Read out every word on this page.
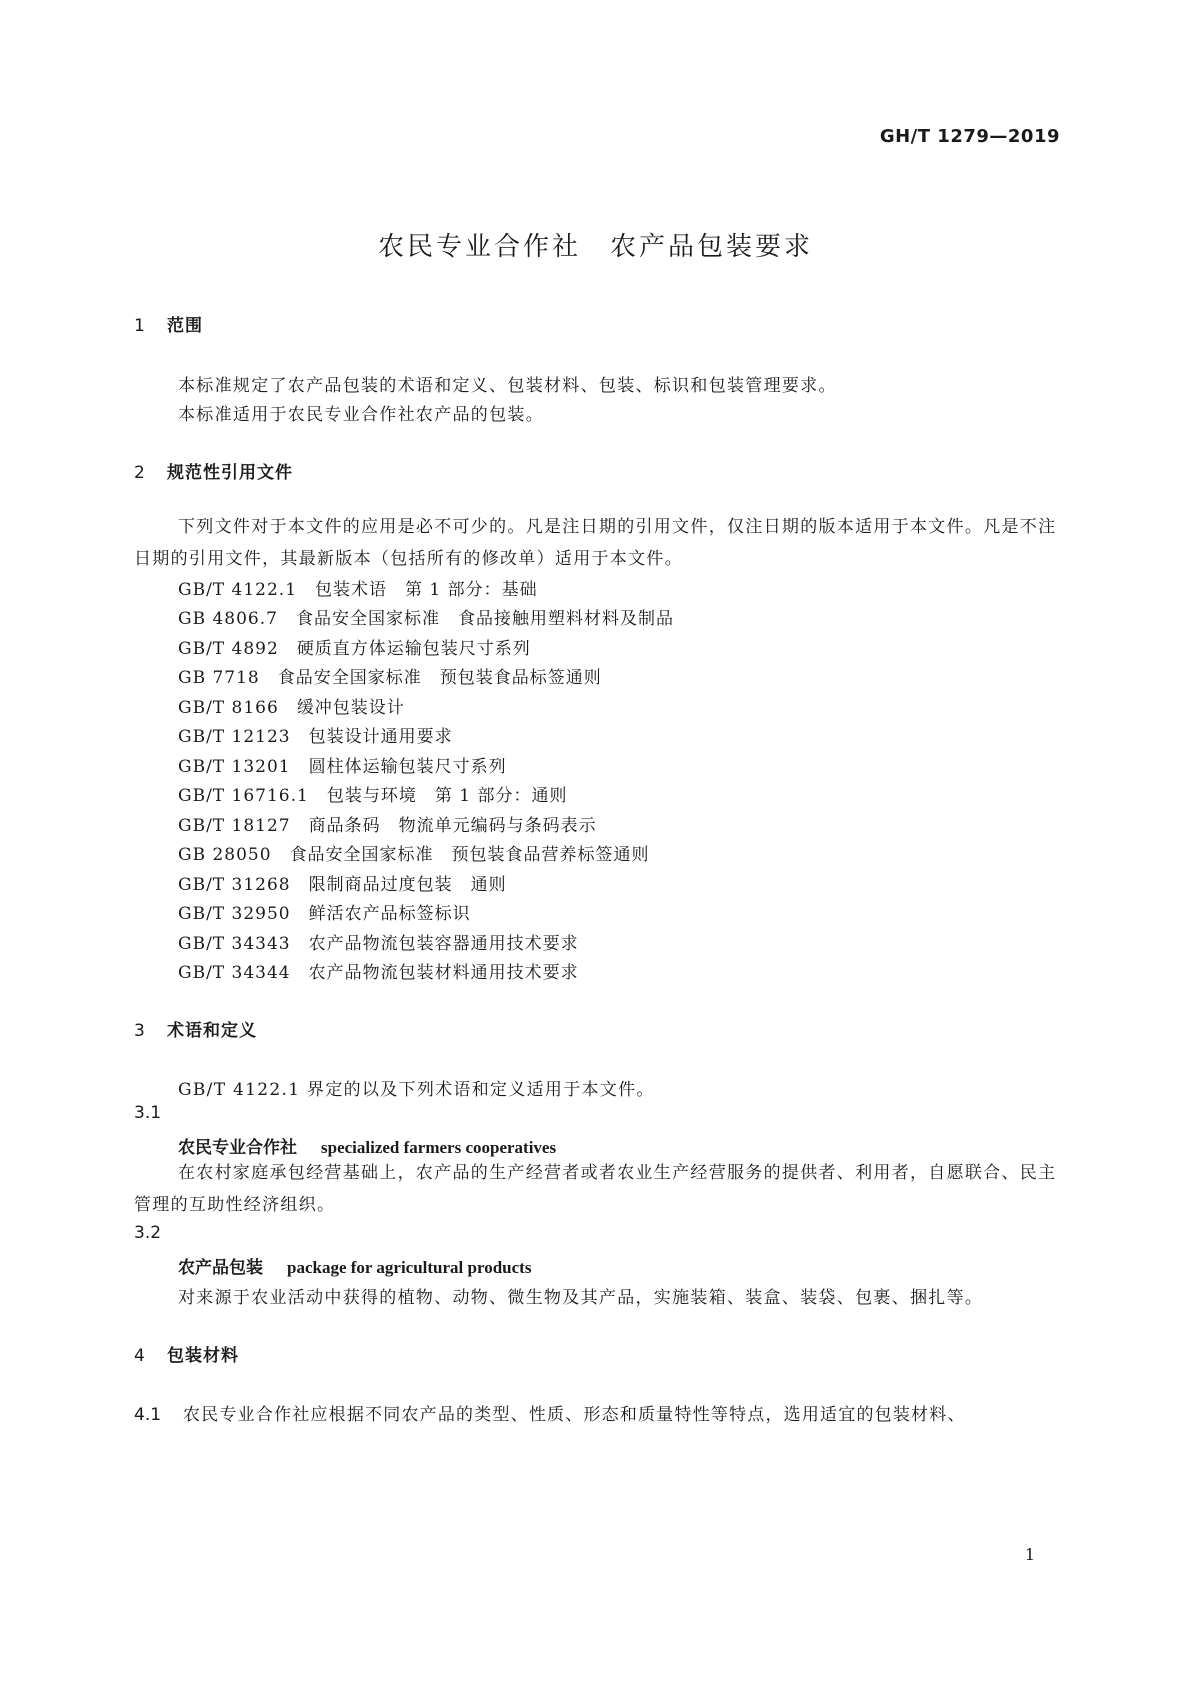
GH/T 1279—2019
农民专业合作社　农产品包装要求
1 范围
本标准规定了农产品包装的术语和定义、包装材料、包装、标识和包装管理要求。
本标准适用于农民专业合作社农产品的包装。
2 规范性引用文件
下列文件对于本文件的应用是必不可少的。凡是注日期的引用文件，仅注日期的版本适用于本文件。凡是不注日期的引用文件，其最新版本（包括所有的修改单）适用于本文件。
GB/T 4122.1 包装术语　第 1 部分：基础
GB 4806.7 食品安全国家标准　食品接触用塑料材料及制品
GB/T 4892 硬质直方体运输包装尺寸系列
GB 7718 食品安全国家标准　预包装食品标签通则
GB/T 8166 缓冲包装设计
GB/T 12123 包装设计通用要求
GB/T 13201 圆柱体运输包装尺寸系列
GB/T 16716.1 包装与环境　第 1 部分：通则
GB/T 18127 商品条码　物流单元编码与条码表示
GB 28050 食品安全国家标准　预包装食品营养标签通则
GB/T 31268 限制商品过度包装　通则
GB/T 32950 鲜活农产品标签标识
GB/T 34343 农产品物流包装容器通用技术要求
GB/T 34344 农产品物流包装材料通用技术要求
3 术语和定义
GB/T 4122.1 界定的以及下列术语和定义适用于本文件。
3.1
农民专业合作社 specialized farmers cooperatives
在农村家庭承包经营基础上，农产品的生产经营者或者农业生产经营服务的提供者、利用者，自愿联合、民主管理的互助性经济组织。
3.2
农产品包装 package for agricultural products
对来源于农业活动中获得的植物、动物、微生物及其产品，实施装箱、装盒、装袋、包裹、捆扎等。
4 包装材料
4.1 农民专业合作社应根据不同农产品的类型、性质、形态和质量特性等特点，选用适宜的包装材料、
1
